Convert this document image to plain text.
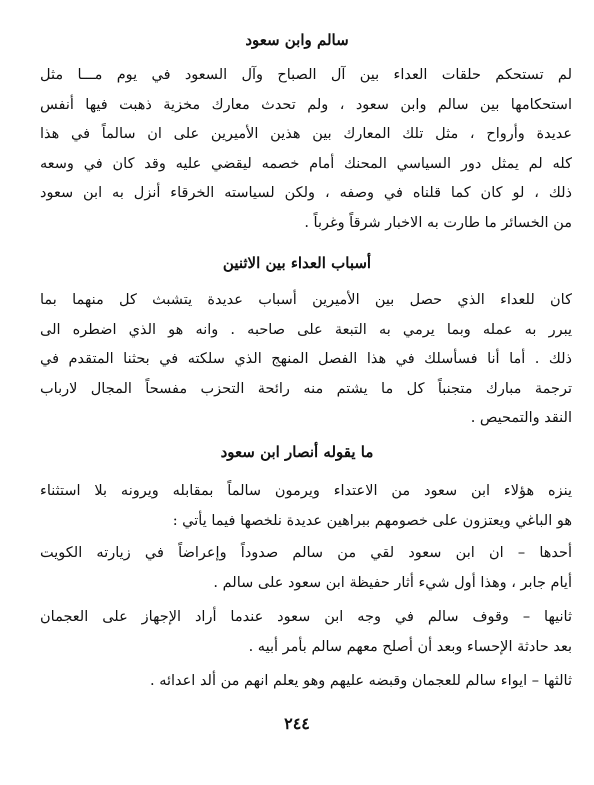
سالم وابن سعود
لم تستحكم حلقات العداء بين آل الصباح وآل السعود في يوم مـــا مثل
استحكامها بين سالم وابن سعود ، ولم تحدث معارك مخزية ذهبت فيها أنفس
عديدة وأرواح ، مثل تلك المعارك بين هذين الأميرين على ان سالماً في هذا
كله لم يمثل دور السياسي المحنك أمام خصمه ليقضي عليه وقد كان في وسعه
ذلك ، لو كان كما قلناه في وصفه ، ولكن لسياسته الخرقاء أنزل به ابن سعود
من الخسائر ما طارت به الاخبار شرقاً وغرباً .
أسباب العداء بين الاثنين
كان للعداء الذي حصل بين الأميرين أسباب عديدة يتشبث كل منهما بما
يبرر به عمله وبما يرمي به التبعة على صاحبه . وانه هو الذي اضطره الى
ذلك . أما أنا فسأسلك في هذا الفصل المنهج الذي سلكته في بحثنا المتقدم في
ترجمة مبارك متجنباً كل ما يشتم منه رائحة التحزب مفسحاً المجال لارباب
النقد والتمحيص .
ما يقوله أنصار ابن سعود
ينزه هؤلاء ابن سعود من الاعتداء ويرمون سالماً بمقابله ويرونه بلا استثناء
هو الباغي ويعتزون على خصومهم ببراهين عديدة نلخصها فيما يأتي :
أحدها – ان ابن سعود لقي من سالم صدوداً وإعراضاً في زيارته الكويت
أيام جابر ، وهذا أول شيء أثار حفيظة ابن سعود على سالم .
ثانيها – وقوف سالم في وجه ابن سعود عندما أراد الإجهاز على العجمان
بعد حادثة الإحساء وبعد أن أصلح معهم سالم بأمر أبيه .
ثالثها – ايواء سالم للعجمان وقبضه عليهم وهو يعلم انهم من ألد اعدائه .
٢٤٤
